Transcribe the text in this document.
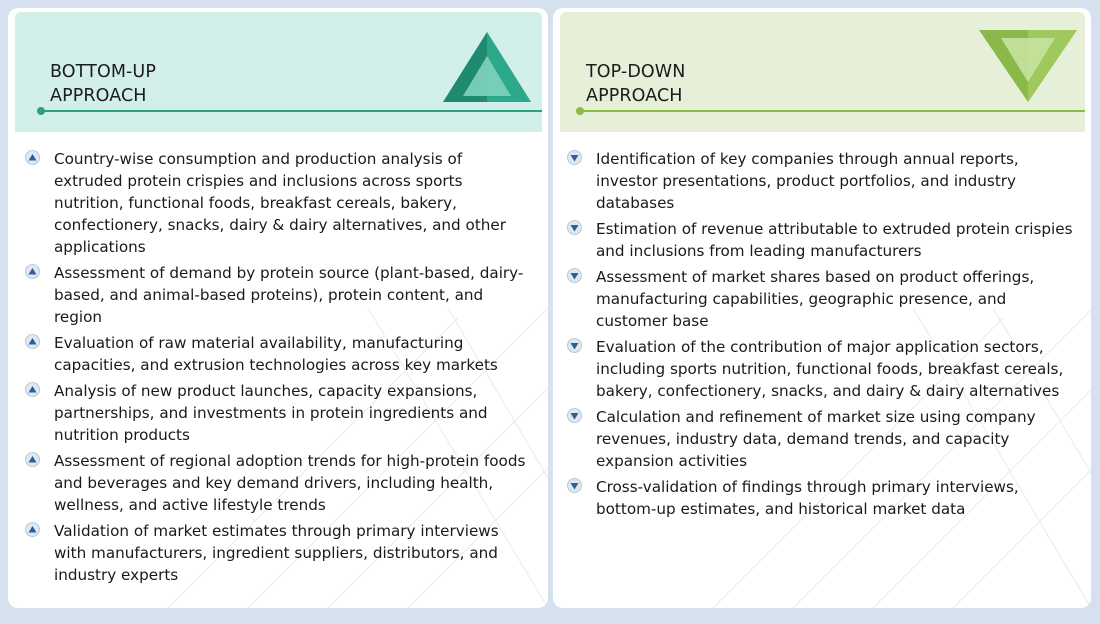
BOTTOM-UP
APPROACH
Country-wise consumption and production analysis of extruded protein crispies and inclusions across sports nutrition, functional foods, breakfast cereals, bakery, confectionery, snacks, dairy & dairy alternatives, and other applications
Assessment of demand by protein source (plant-based, dairy-based, and animal-based proteins), protein content, and region
Evaluation of raw material availability, manufacturing capacities, and extrusion technologies across key markets
Analysis of new product launches, capacity expansions, partnerships, and investments in protein ingredients and nutrition products
Assessment of regional adoption trends for high-protein foods and beverages and key demand drivers, including health, wellness, and active lifestyle trends
Validation of market estimates through primary interviews with manufacturers, ingredient suppliers, distributors, and industry experts
TOP-DOWN
APPROACH
Identification of key companies through annual reports, investor presentations, product portfolios, and industry databases
Estimation of revenue attributable to extruded protein crispies and inclusions from leading manufacturers
Assessment of market shares based on product offerings, manufacturing capabilities, geographic presence, and customer base
Evaluation of the contribution of major application sectors, including sports nutrition, functional foods, breakfast cereals, bakery, confectionery, snacks, and dairy & dairy alternatives
Calculation and refinement of market size using company revenues, industry data, demand trends, and capacity expansion activities
Cross-validation of findings through primary interviews, bottom-up estimates, and historical market data
